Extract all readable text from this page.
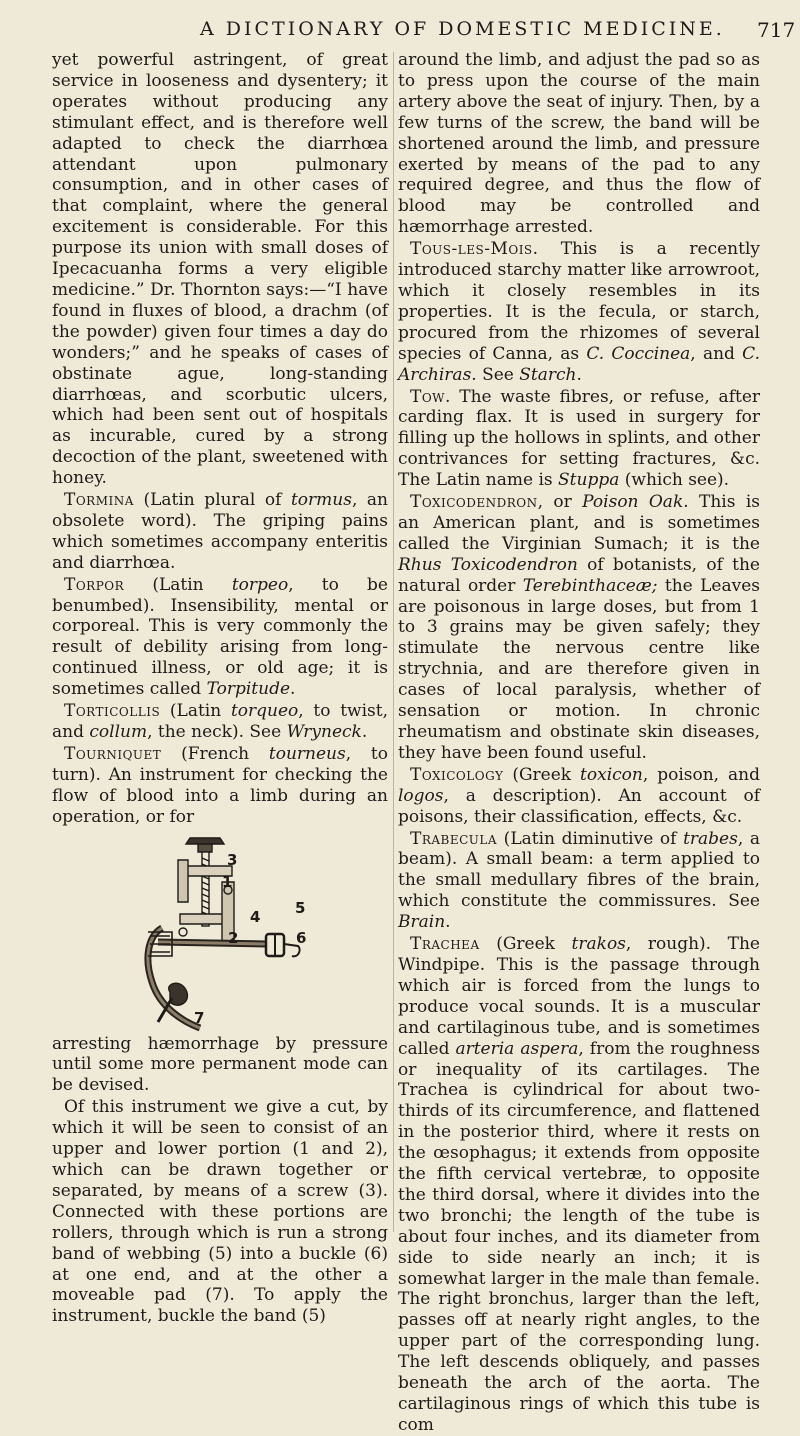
A DICTIONARY OF DOMESTIC MEDICINE. 717

yet powerful astringent, of great service in looseness and dysentery; it operates without producing any stimulant effect, and is therefore well adapted to check the diarrhœa attendant upon pulmonary consumption, and in other cases of that complaint, where the general excitement is considerable. For this purpose its union with small doses of Ipecacuanha forms a very eligible medicine.” Dr. Thornton says:—“I have found in fluxes of blood, a drachm (of the powder) given four times a day do wonders;” and he speaks of cases of obstinate ague, long-standing diarrhœas, and scorbutic ulcers, which had been sent out of hospitals as incurable, cured by a strong decoction of the plant, sweetened with honey.

Tormina (Latin plural of tormus, an obsolete word). The griping pains which sometimes accompany enteritis and diarrhœa.

Torpor (Latin torpeo, to be benumbed). Insensibility, mental or corporeal. This is very commonly the result of debility arising from long-continued illness, or old age; it is sometimes called Torpitude.

Torticollis (Latin torqueo, to twist, and collum, the neck). See Wryneck.

Tourniquet (French tourneus, to turn). An instrument for checking the flow of blood into a limb during an operation, or for

1
2
3
4 5
6
7

arresting hæmorrhage by pressure until some more permanent mode can be devised.

Of this instrument we give a cut, by which it will be seen to consist of an upper and lower portion (1 and 2), which can be drawn together or separated, by means of a screw (3). Connected with these portions are rollers, through which is run a strong band of webbing (5) into a buckle (6) at one end, and at the other a moveable pad (7). To apply the instrument, buckle the band (5)

around the limb, and adjust the pad so as to press upon the course of the main artery above the seat of injury. Then, by a few turns of the screw, the band will be shortened around the limb, and pressure exerted by means of the pad to any required degree, and thus the flow of blood may be controlled and hæmorrhage arrested.

Tous-les-Mois. This is a recently introduced starchy matter like arrowroot, which it closely resembles in its properties. It is the fecula, or starch, procured from the rhizomes of several species of Canna, as C. Coccinea, and C. Archiras. See Starch.

Tow. The waste fibres, or refuse, after carding flax. It is used in surgery for filling up the hollows in splints, and other contrivances for setting fractures, &c. The Latin name is Stuppa (which see).

Toxicodendron, or Poison Oak. This is an American plant, and is sometimes called the Virginian Sumach; it is the Rhus Toxicodendron of botanists, of the natural order Terebinthaceæ; the Leaves are poisonous in large doses, but from 1 to 3 grains may be given safely; they stimulate the nervous centre like strychnia, and are therefore given in cases of local paralysis, whether of sensation or motion. In chronic rheumatism and obstinate skin diseases, they have been found useful.

Toxicology (Greek toxicon, poison, and logos, a description). An account of poisons, their classification, effects, &c.

Trabecula (Latin diminutive of trabes, a beam). A small beam: a term applied to the small medullary fibres of the brain, which constitute the commissures. See Brain.

Trachea (Greek trakos, rough). The Windpipe. This is the passage through which air is forced from the lungs to produce vocal sounds. It is a muscular and cartilaginous tube, and is sometimes called arteria aspera, from the roughness or inequality of its cartilages. The Trachea is cylindrical for about two-thirds of its circumference, and flattened in the posterior third, where it rests on the œsophagus; it extends from opposite the fifth cervical vertebræ, to opposite the third dorsal, where it divides into the two bronchi; the length of the tube is about four inches, and its diameter from side to side nearly an inch; it is somewhat larger in the male than female. The right bronchus, larger than the left, passes off at nearly right angles, to the upper part of the corresponding lung. The left descends obliquely, and passes beneath the arch of the aorta. The cartilaginous rings of which this tube is com
